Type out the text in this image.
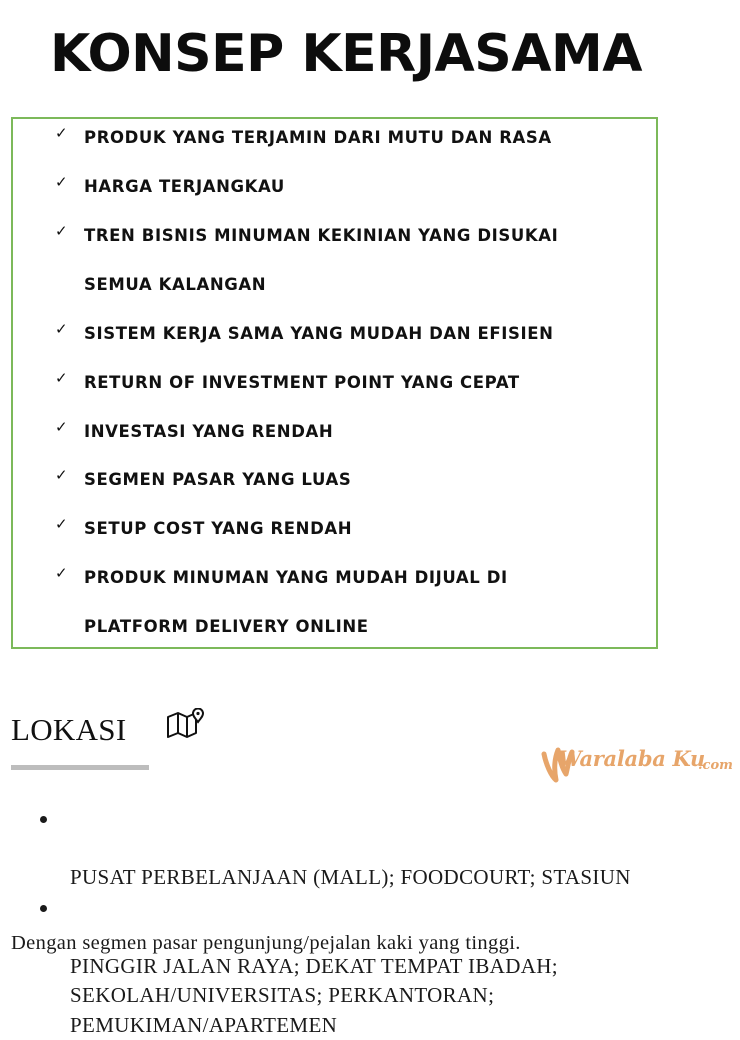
KONSEP KERJASAMA
✓ PRODUK YANG TERJAMIN DARI MUTU DAN RASA
✓ HARGA TERJANGKAU
✓ TREN BISNIS MINUMAN KEKINIAN YANG DISUKAI
SEMUA KALANGAN
✓ SISTEM KERJA SAMA YANG MUDAH DAN EFISIEN
✓ RETURN OF INVESTMENT POINT YANG CEPAT
✓ INVESTASI YANG RENDAH
✓ SEGMEN PASAR YANG LUAS
✓ SETUP COST YANG RENDAH
✓ PRODUK MINUMAN YANG MUDAH DIJUAL DI
PLATFORM DELIVERY ONLINE
LOKASI
Waralaba Ku
.com

PUSAT PERBELANJAAN (MALL); FOODCOURT; STASIUN

PINGGIR JALAN RAYA; DEKAT TEMPAT IBADAH;
SEKOLAH/UNIVERSITAS; PERKANTORAN;
PEMUKIMAN/APARTEMEN

Dengan segmen pasar pengunjung/pejalan kaki yang tinggi.
